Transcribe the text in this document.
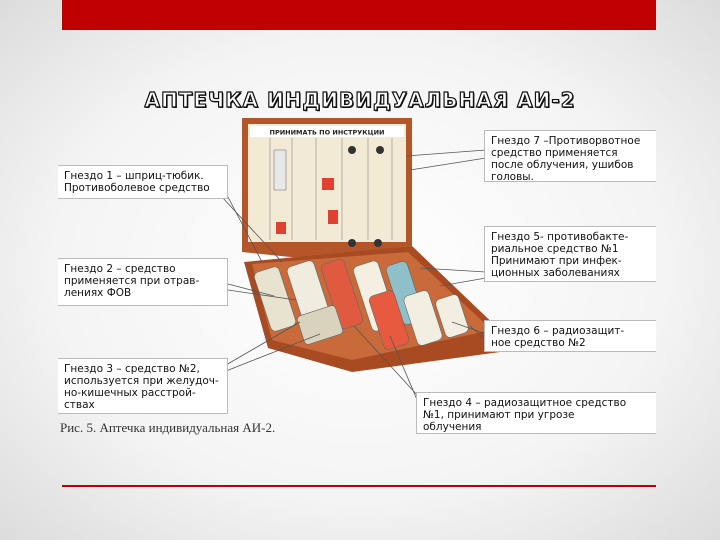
АПТЕЧКА ИНДИВИДУАЛЬНАЯ АИ-2
ПРИНИМАТЬ ПО ИНСТРУКЦИИ
Гнездо 1 – шприц-тюбик.
Противоболевое средство
Гнездо 2 – средство
применяется при отрав-
лениях ФОВ
Гнездо 3 – средство №2,
используется при желудоч-
но-кишечных расстрой-
ствах
Гнездо 7 –Противорвотное
средство применяется
после облучения, ушибов
головы.
Гнездо 5- противобакте-
риальное средство №1
Принимают при инфек-
ционных заболеваниях
Гнездо 6 – радиозащит-
ное средство №2
Гнездо 4 – радиозащитное средство
№1, принимают при угрозе
облучения
Рис. 5. Аптечка индивидуальная АИ-2.
